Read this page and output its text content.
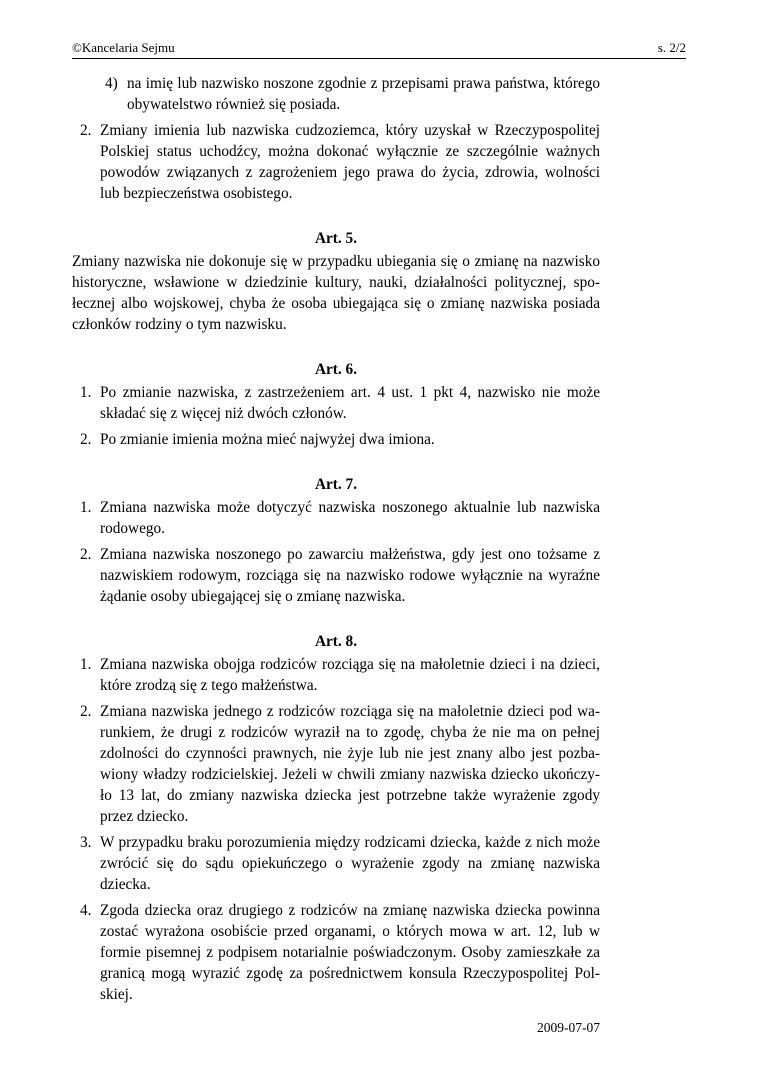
©Kancelaria Sejmu	s. 2/2
4) na imię lub nazwisko noszone zgodnie z przepisami prawa państwa, którego
obywatelstwo również się posiada.
2. Zmiany imienia lub nazwiska cudzoziemca, który uzyskał w Rzeczypospolitej
Polskiej status uchodźcy, można dokonać wyłącznie ze szczególnie ważnych
powodów związanych z zagrożeniem jego prawa do życia, zdrowia, wolności
lub bezpieczeństwa osobistego.
Art. 5.
Zmiany nazwiska nie dokonuje się w przypadku ubiegania się o zmianę na nazwisko
historyczne, wsławione w dziedzinie kultury, nauki, działalności politycznej, spo-
łecznej albo wojskowej, chyba że osoba ubiegająca się o zmianę nazwiska posiada
członków rodziny o tym nazwisku.
Art. 6.
1. Po zmianie nazwiska, z zastrzeżeniem art. 4 ust. 1 pkt 4, nazwisko nie może
składać się z więcej niż dwóch członów.
2. Po zmianie imienia można mieć najwyżej dwa imiona.
Art. 7.
1. Zmiana nazwiska może dotyczyć nazwiska noszonego aktualnie lub nazwiska
rodowego.
2. Zmiana nazwiska noszonego po zawarciu małżeństwa, gdy jest ono tożsame z
nazwiskiem rodowym, rozciąga się na nazwisko rodowe wyłącznie na wyraźne
żądanie osoby ubiegającej się o zmianę nazwiska.
Art. 8.
1. Zmiana nazwiska obojga rodziców rozciąga się na małoletnie dzieci i na dzieci,
które zrodzą się z tego małżeństwa.
2. Zmiana nazwiska jednego z rodziców rozciąga się na małoletnie dzieci pod wa-
runkiem, że drugi z rodziców wyraził na to zgodę, chyba że nie ma on pełnej
zdolności do czynności prawnych, nie żyje lub nie jest znany albo jest pozba-
wiony władzy rodzicielskiej. Jeżeli w chwili zmiany nazwiska dziecko ukończy-
ło 13 lat, do zmiany nazwiska dziecka jest potrzebne także wyrażenie zgody
przez dziecko.
3. W przypadku braku porozumienia między rodzicami dziecka, każde z nich może
zwrócić się do sądu opiekuńczego o wyrażenie zgody na zmianę nazwiska
dziecka.
4. Zgoda dziecka oraz drugiego z rodziców na zmianę nazwiska dziecka powinna
zostać wyrażona osobiście przed organami, o których mowa w art. 12, lub w
formie pisemnej z podpisem notarialnie poświadczonym. Osoby zamieszkałe za
granicą mogą wyrazić zgodę za pośrednictwem konsula Rzeczypospolitej Pol-
skiej.
2009-07-07
